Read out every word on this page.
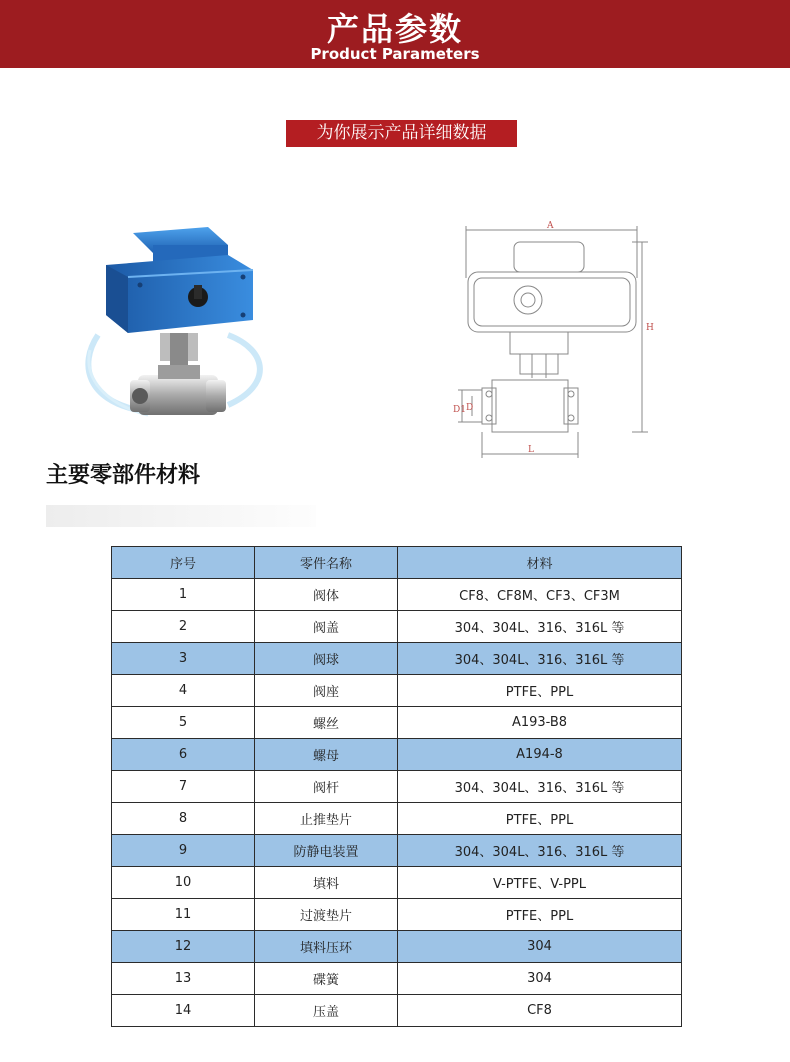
产品参数
Product Parameters
为你展示产品详细数据
A
H
D1 D
L
主要零部件材料
序号	零件名称	材料
1	阀体	CF8、CF8M、CF3、CF3M
2	阀盖	304、304L、316、316L 等
3	阀球	304、304L、316、316L 等
4	阀座	PTFE、PPL
5	螺丝	A193-B8
6	螺母	A194-8
7	阀杆	304、304L、316、316L 等
8	止推垫片	PTFE、PPL
9	防静电装置	304、304L、316、316L 等
10	填料	V-PTFE、V-PPL
11	过渡垫片	PTFE、PPL
12	填料压环	304
13	碟簧	304
14	压盖	CF8
